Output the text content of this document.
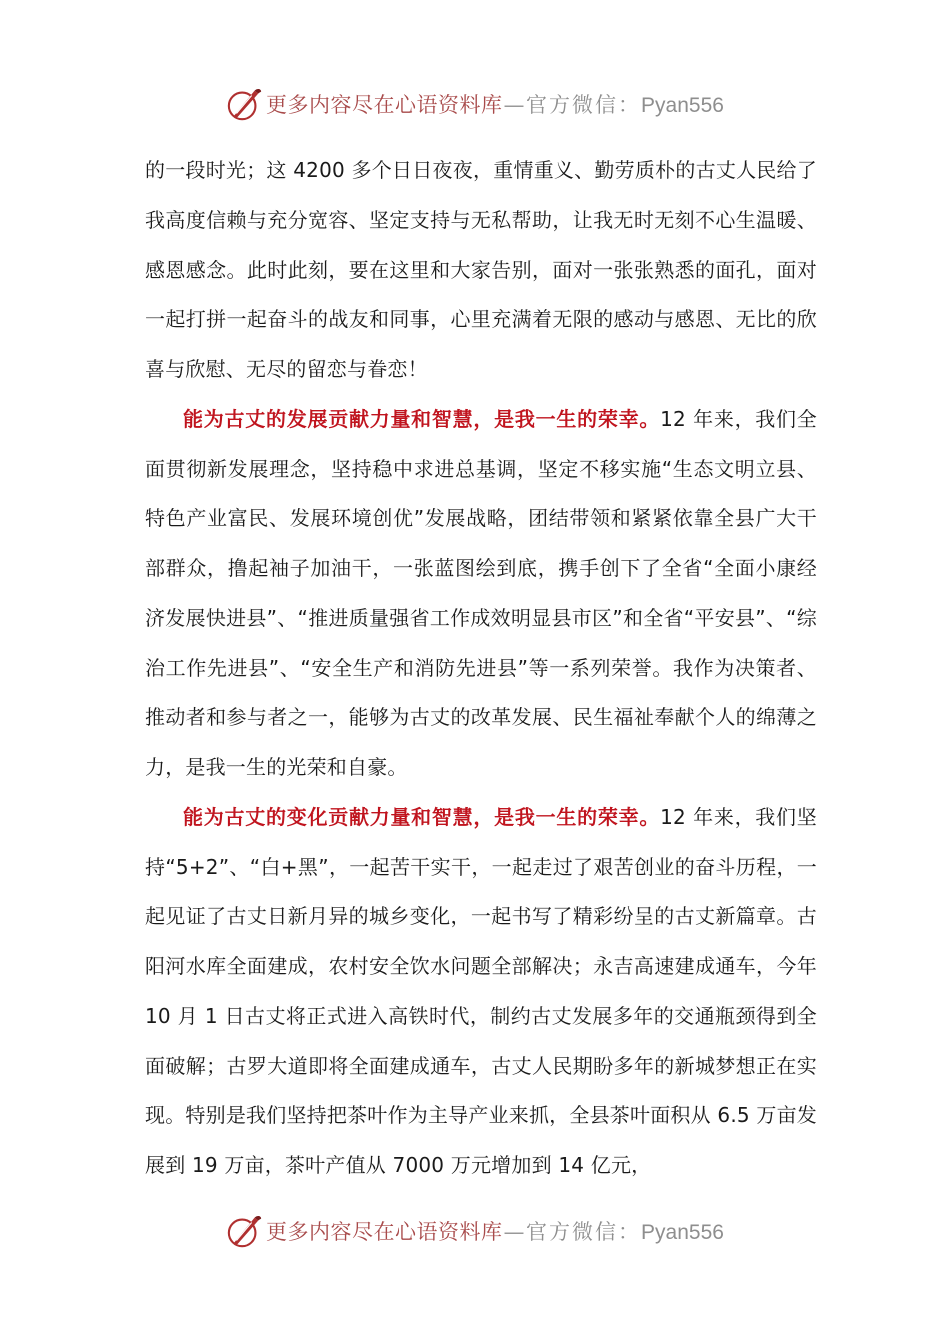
更多内容尽在心语资料库 — 官方微信： Pyan556

的一段时光；这 4200 多个日日夜夜，重情重义、勤劳质朴的古丈人民给了我高度信赖与充分宽容、坚定支持与无私帮助，让我无时无刻不心生温暖、感恩感念。此时此刻，要在这里和大家告别，面对一张张熟悉的面孔，面对一起打拼一起奋斗的战友和同事，心里充满着无限的感动与感恩、无比的欣喜与欣慰、无尽的留恋与眷恋！

能为古丈的发展贡献力量和智慧，是我一生的荣幸。12 年来，我们全面贯彻新发展理念，坚持稳中求进总基调，坚定不移实施“生态文明立县、特色产业富民、发展环境创优”发展战略，团结带领和紧紧依靠全县广大干部群众，撸起袖子加油干，一张蓝图绘到底，携手创下了全省“全面小康经济发展快进县”、“推进质量强省工作成效明显县市区”和全省“平安县”、“综治工作先进县”、“安全生产和消防先进县”等一系列荣誉。我作为决策者、推动者和参与者之一，能够为古丈的改革发展、民生福祉奉献个人的绵薄之力，是我一生的光荣和自豪。

能为古丈的变化贡献力量和智慧，是我一生的荣幸。12 年来，我们坚持“5+2”、“白+黑”，一起苦干实干，一起走过了艰苦创业的奋斗历程，一起见证了古丈日新月异的城乡变化，一起书写了精彩纷呈的古丈新篇章。古阳河水库全面建成，农村安全饮水问题全部解决；永吉高速建成通车，今年 10 月 1 日古丈将正式进入高铁时代，制约古丈发展多年的交通瓶颈得到全面破解；古罗大道即将全面建成通车，古丈人民期盼多年的新城梦想正在实现。特别是我们坚持把茶叶作为主导产业来抓，全县茶叶面积从 6.5 万亩发展到 19 万亩，茶叶产值从 7000 万元增加到 14 亿元，

更多内容尽在心语资料库 — 官方微信： Pyan556
